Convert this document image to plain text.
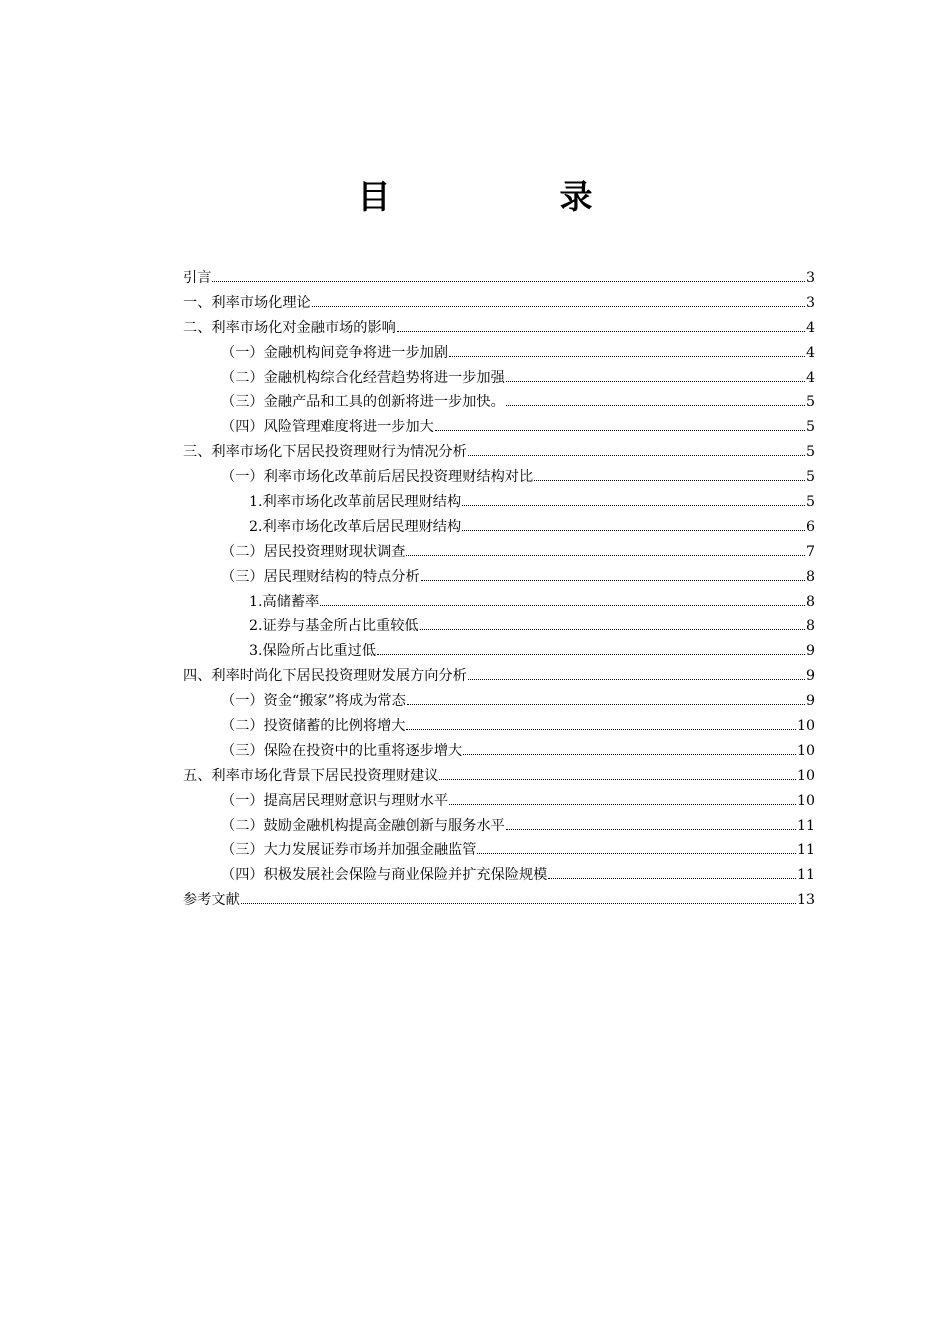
目　录
引言	3
一、利率市场化理论	3
二、利率市场化对金融市场的影响	4
（一）金融机构间竞争将进一步加剧	4
（二）金融机构综合化经营趋势将进一步加强	4
（三）金融产品和工具的创新将进一步加快。	5
（四）风险管理难度将进一步加大	5
三、利率市场化下居民投资理财行为情况分析	5
（一）利率市场化改革前后居民投资理财结构对比	5
1.利率市场化改革前居民理财结构	5
2.利率市场化改革后居民理财结构	6
（二）居民投资理财现状调查	7
（三）居民理财结构的特点分析	8
1.高储蓄率	8
2.证券与基金所占比重较低	8
3.保险所占比重过低	9
四、利率时尚化下居民投资理财发展方向分析	9
（一）资金“搬家”将成为常态	9
（二）投资储蓄的比例将增大	10
（三）保险在投资中的比重将逐步增大	10
五、利率市场化背景下居民投资理财建议	10
（一）提高居民理财意识与理财水平	10
（二）鼓励金融机构提高金融创新与服务水平	11
（三）大力发展证券市场并加强金融监管	11
（四）积极发展社会保险与商业保险并扩充保险规模	11
参考文献	13
